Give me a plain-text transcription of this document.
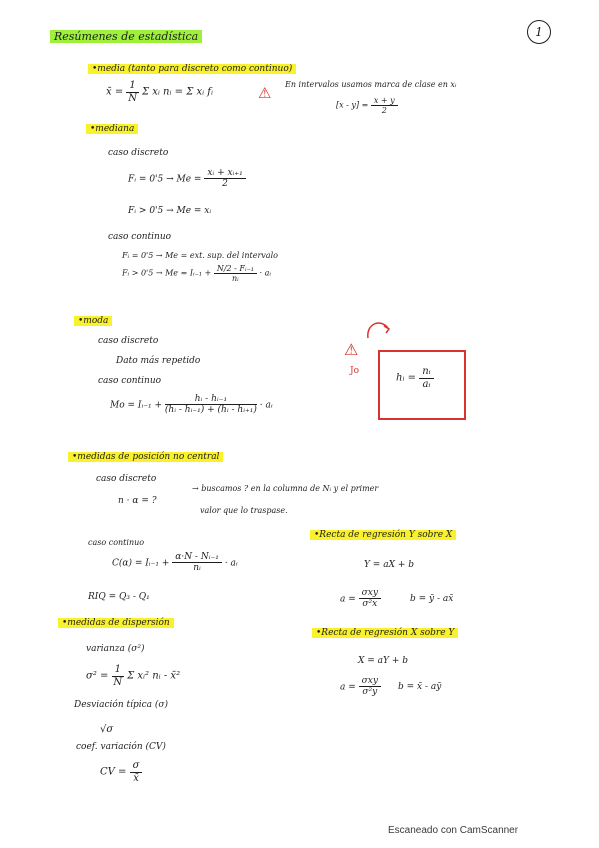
Resúmenes de estadística	1
•media (tanto para discreto como continuo)
x̄ = $\frac{1}{N}$ Σ xᵢ nᵢ = Σ xᵢ fᵢ	⚠ En intervalos usamos marca de clase en xᵢ
$[x - y] = \frac{x + y}{2}$
•mediana
caso discreto
Fᵢ = $0'5 \to Me = \frac{\text{xᵢ + xᵢ₊₁}}{2}$
Fᵢ > 0'5 → Me = xᵢ
caso continuo
Fᵢ = 0'5 → Me = ext. sup. del intervalo
Fᵢ > 0'5 → Me = Iᵢ₋₁ + $\frac{\text{N/2 - Fᵢ₋₁}}{\text{nᵢ}}$ · aᵢ
•moda
caso discreto
Dato más repetido
caso continuo
Mo = Iᵢ₋₁ + $\frac{\text{hᵢ - hᵢ₋₁}}{\text{(hᵢ - hᵢ₋₁) + (hᵢ - hᵢ₊₁)}}$ · aᵢ
⚠
Jo
hᵢ = $\frac{\text{nᵢ}}{\text{aᵢ}}$
•medidas de posición no central
caso discreto
n · α = ?
→ buscamos ? en la columna de Nᵢ y el primer
valor que lo traspase.
caso continuo
C(α) = Iᵢ₋₁ + $\frac{\text{α·N - Nᵢ₋₁}}{\text{nᵢ}}$ · aᵢ
RIQ = Q₃ - Q₁
•medidas de dispersión
varianza (σ²)
$\sigma^2 = \frac{1}{N}$ Σ xᵢ² nᵢ - x̄²
Desviación típica (σ)
√σ
coef. variación (CV)
CV = $\frac{\sigma}{x̄}$
•Recta de regresión Y sobre X
Y = aX + b
$a = \frac{\text{σxy}}{\text{σ²x}}$	b = ȳ - ax̄
•Recta de regresión X sobre Y
X = aY + b
$a = \frac{\text{σxy}}{\text{σ²y}}$ b = x̄ - aȳ
Escaneado con CamScanner
